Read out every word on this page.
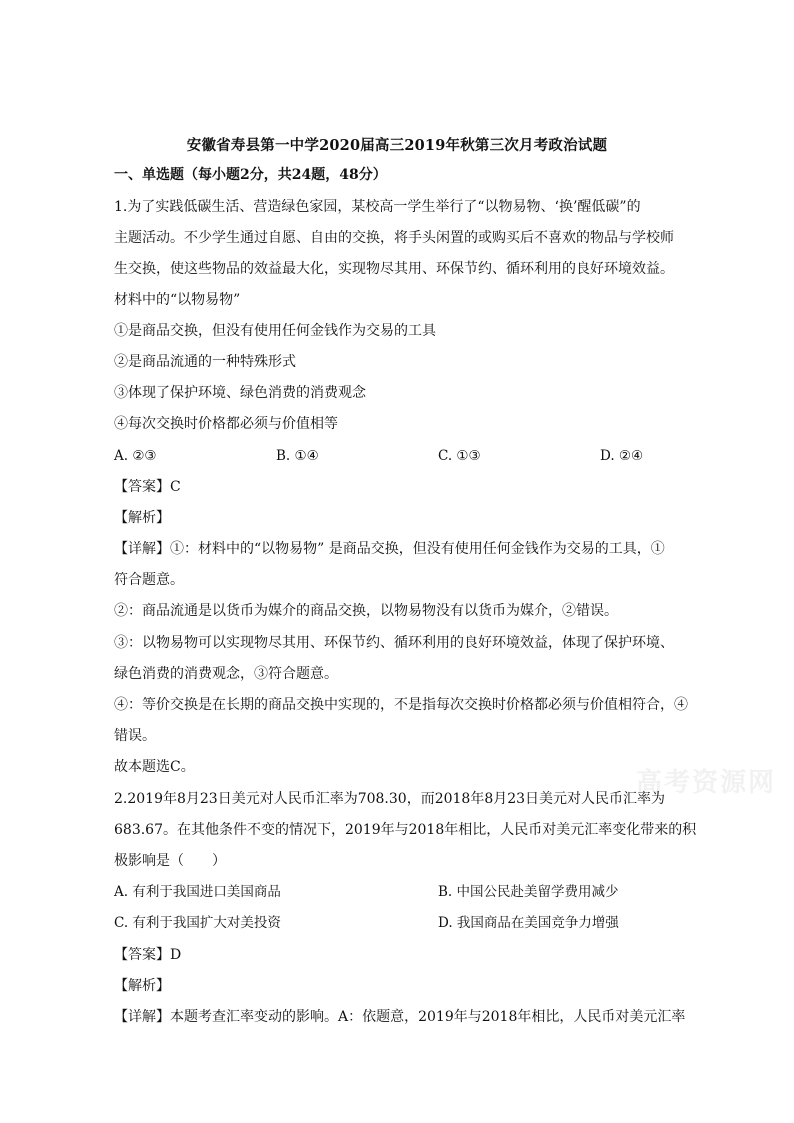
安徽省寿县第一中学2020届高三2019年秋第三次月考政治试题
一、单选题（每小题2分，共24题，48分）
1.为了实践低碳生活、营造绿色家园，某校高一学生举行了“以物易物、‘换’醒低碳”的
主题活动。不少学生通过自愿、自由的交换，将手头闲置的或购买后不喜欢的物品与学校师
生交换，使这些物品的效益最大化，实现物尽其用、环保节约、循环利用的良好环境效益。
材料中的“以物易物”
①是商品交换，但没有使用任何金钱作为交易的工具
②是商品流通的一种特殊形式
③体现了保护环境、绿色消费的消费观念
④每次交换时价格都必须与价值相等
A. ②③	B. ①④	C. ①③	D. ②④
【答案】C
【解析】
【详解】①：材料中的“以物易物” 是商品交换，但没有使用任何金钱作为交易的工具，①
符合题意。
②：商品流通是以货币为媒介的商品交换，以物易物没有以货币为媒介，②错误。
③：以物易物可以实现物尽其用、环保节约、循环利用的良好环境效益，体现了保护环境、
绿色消费的消费观念，③符合题意。
④：等价交换是在长期的商品交换中实现的，不是指每次交换时价格都必须与价值相符合，④
错误。
故本题选C。
高考资源网
2.2019年8月23日美元对人民币汇率为708.30，而2018年8月23日美元对人民币汇率为
683.67。在其他条件不变的情况下，2019年与2018年相比，人民币对美元汇率变化带来的积
极影响是（　　）
A. 有利于我国进口美国商品	B. 中国公民赴美留学费用减少
C. 有利于我国扩大对美投资	D. 我国商品在美国竞争力增强
【答案】D
【解析】
【详解】本题考查汇率变动的影响。A：依题意，2019年与2018年相比，人民币对美元汇率
